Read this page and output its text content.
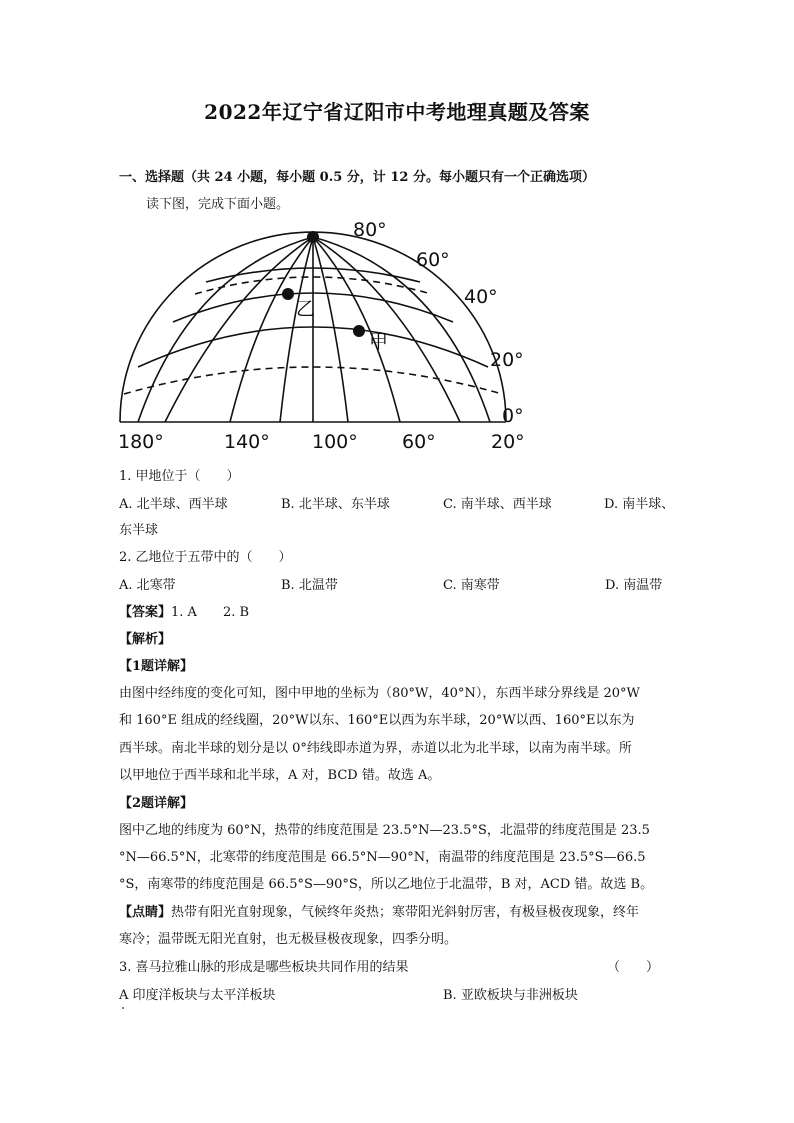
2022年辽宁省辽阳市中考地理真题及答案
一、选择题（共 24 小题，每小题 0.5 分，计 12 分。每小题只有一个正确选项）
读下图，完成下面小题。
80°
60°
40°
20°
0°
180°	140° 100° 60°	20°
乙
甲
1. 甲地位于（　　）
A. 北半球、西半球	B. 北半球、东半球	C. 南半球、西半球	D. 南半球、
东半球
2. 乙地位于五带中的（　　）
A. 北寒带	B. 北温带	C. 南寒带	D. 南温带
【答案】1. A　　2. B
【解析】
【1题详解】
由图中经纬度的变化可知，图中甲地的坐标为（80°W，40°N），东西半球分界线是 20°W
和 160°E 组成的经线圈，20°W以东、160°E以西为东半球，20°W以西、160°E以东为
西半球。南北半球的划分是以 0°纬线即赤道为界，赤道以北为北半球，以南为南半球。所
以甲地位于西半球和北半球，A 对，BCD 错。故选 A。
【2题详解】
图中乙地的纬度为 60°N，热带的纬度范围是 23.5°N—23.5°S，北温带的纬度范围是 23.5
°N—66.5°N，北寒带的纬度范围是 66.5°N—90°N，南温带的纬度范围是 23.5°S—66.5
°S，南寒带的纬度范围是 66.5°S—90°S，所以乙地位于北温带，B 对，ACD 错。故选 B。
【点睛】热带有阳光直射现象，气候终年炎热；寒带阳光斜射厉害，有极昼极夜现象，终年
寒冷；温带既无阳光直射，也无极昼极夜现象，四季分明。
3. 喜马拉雅山脉的形成是哪些板块共同作用的结果	（　　）
A 印度洋板块与太平洋板块	B. 亚欧板块与非洲板块
